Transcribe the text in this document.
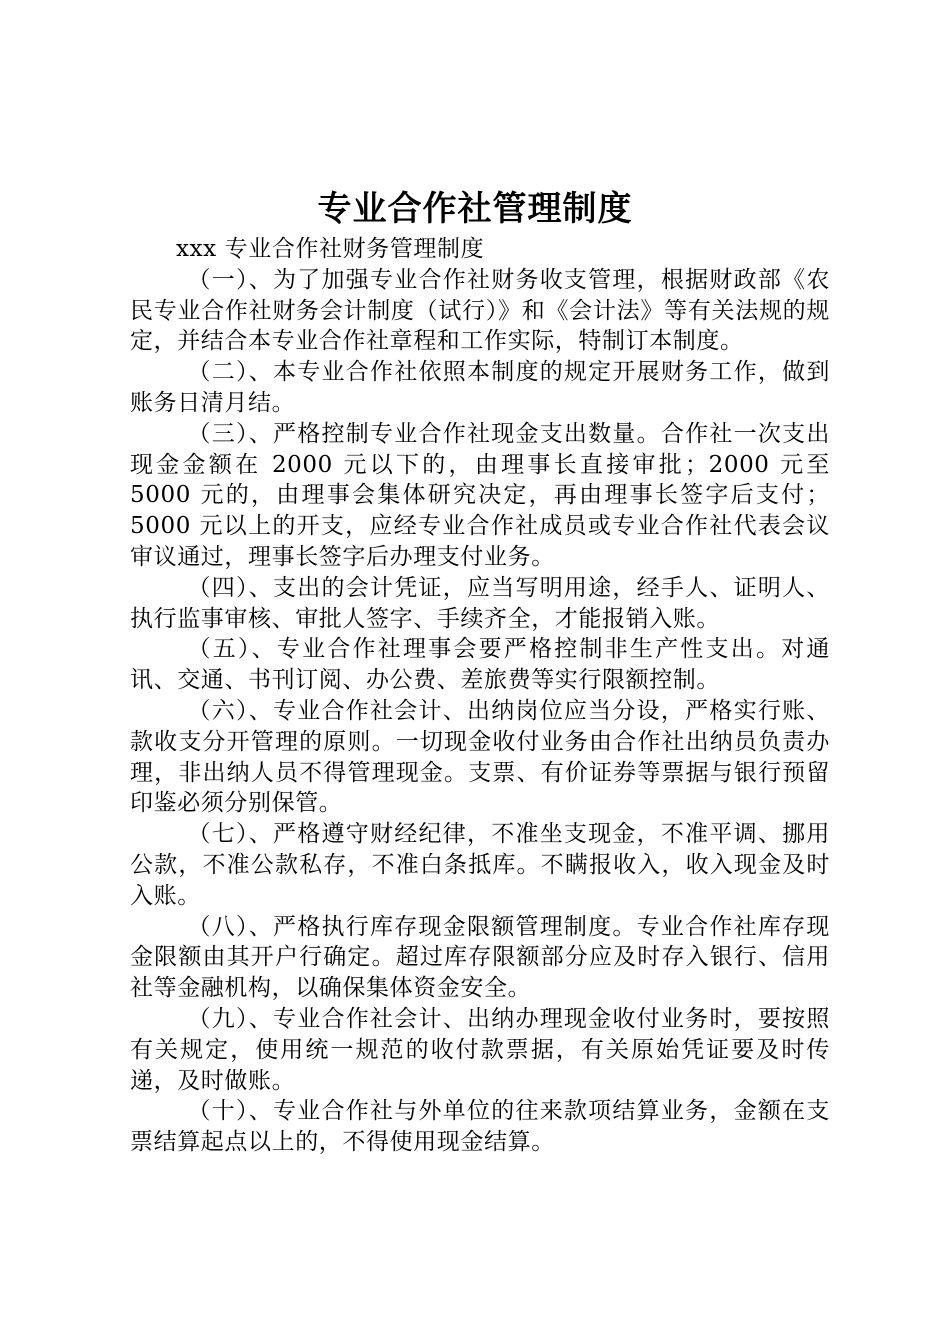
专业合作社管理制度

xxx 专业合作社财务管理制度

（一）、为了加强专业合作社财务收支管理，根据财政部《农民专业合作社财务会计制度（试行）》和《会计法》等有关法规的规定，并结合本专业合作社章程和工作实际，特制订本制度。

（二）、本专业合作社依照本制度的规定开展财务工作，做到账务日清月结。

（三）、严格控制专业合作社现金支出数量。合作社一次支出现金金额在 2000 元以下的，由理事长直接审批；2000 元至 5000 元的，由理事会集体研究决定，再由理事长签字后支付；5000 元以上的开支，应经专业合作社成员或专业合作社代表会议审议通过，理事长签字后办理支付业务。

（四）、支出的会计凭证，应当写明用途，经手人、证明人、执行监事审核、审批人签字、手续齐全，才能报销入账。

（五）、专业合作社理事会要严格控制非生产性支出。对通讯、交通、书刊订阅、办公费、差旅费等实行限额控制。

（六）、专业合作社会计、出纳岗位应当分设，严格实行账、款收支分开管理的原则。一切现金收付业务由合作社出纳员负责办理，非出纳人员不得管理现金。支票、有价证券等票据与银行预留印鉴必须分别保管。

（七）、严格遵守财经纪律，不准坐支现金，不准平调、挪用公款，不准公款私存，不准白条抵库。不瞒报收入，收入现金及时入账。

（八）、严格执行库存现金限额管理制度。专业合作社库存现金限额由其开户行确定。超过库存限额部分应及时存入银行、信用社等金融机构，以确保集体资金安全。

（九）、专业合作社会计、出纳办理现金收付业务时，要按照有关规定，使用统一规范的收付款票据，有关原始凭证要及时传递，及时做账。

（十）、专业合作社与外单位的往来款项结算业务，金额在支票结算起点以上的，不得使用现金结算。
